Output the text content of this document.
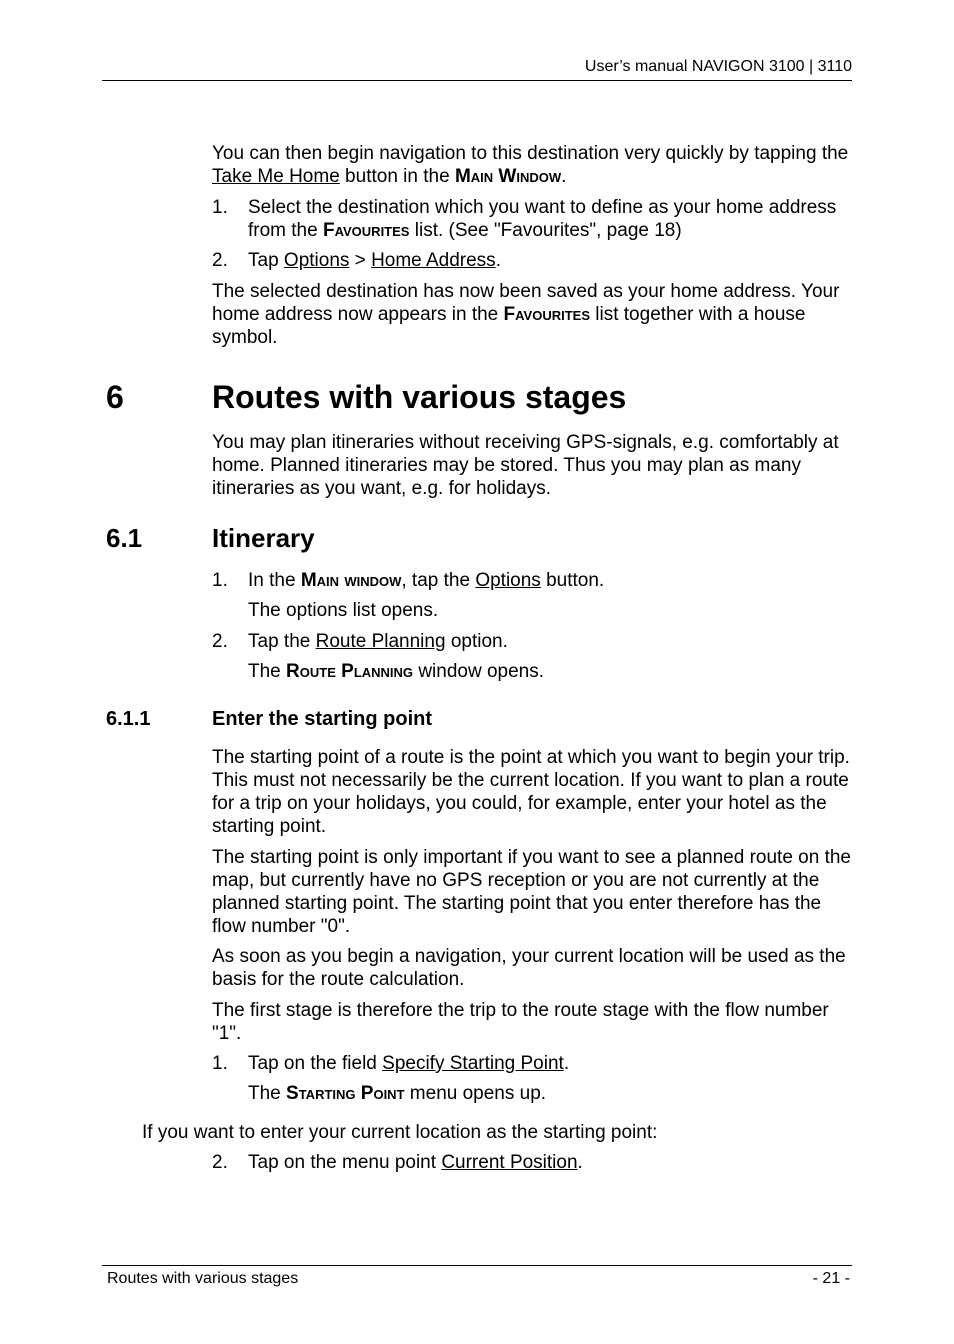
User’s manual NAVIGON 3100 | 3110

You can then begin navigation to this destination very quickly by tapping the Take Me Home button in the Main Window.

1. Select the destination which you want to define as your home address from the Favourites list. (See "Favourites", page 18)
2. Tap Options > Home Address.

The selected destination has now been saved as your home address. Your home address now appears in the Favourites list together with a house symbol.

6	Routes with various stages

You may plan itineraries without receiving GPS-signals, e.g. comfortably at home. Planned itineraries may be stored. Thus you may plan as many itineraries as you want, e.g. for holidays.

6.1	Itinerary
1. In the Main window, tap the Options button.
The options list opens.
2. Tap the Route Planning option.
The Route Planning window opens.
6.1.1	Enter the starting point

The starting point of a route is the point at which you want to begin your trip. This must not necessarily be the current location. If you want to plan a route for a trip on your holidays, you could, for example, enter your hotel as the starting point.

The starting point is only important if you want to see a planned route on the map, but currently have no GPS reception or you are not currently at the planned starting point. The starting point that you enter therefore has the flow number "0".

As soon as you begin a navigation, your current location will be used as the basis for the route calculation.

The first stage is therefore the trip to the route stage with the flow number "1".

1. Tap on the field Specify Starting Point.
The Starting Point menu opens up.
If you want to enter your current location as the starting point:
2. Tap on the menu point Current Position.
Routes with various stages	- 21 -
